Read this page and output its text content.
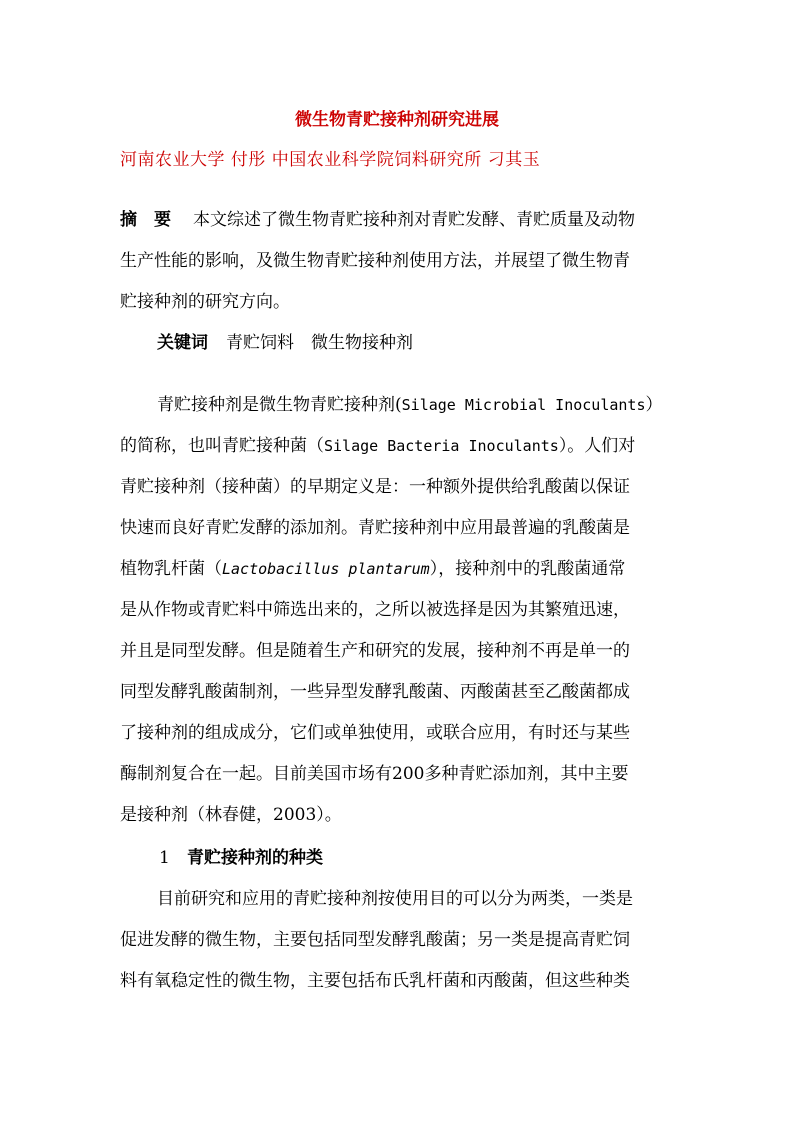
微生物青贮接种剂研究进展
河南农业大学 付彤 中国农业科学院饲料研究所 刁其玉
摘　要 本文综述了微生物青贮接种剂对青贮发酵、青贮质量及动物
生产性能的影响，及微生物青贮接种剂使用方法，并展望了微生物青
贮接种剂的研究方向。
关键词 青贮饲料　微生物接种剂
青贮接种剂是微生物青贮接种剂(Silage Microbial Inoculants）
的简称，也叫青贮接种菌（Silage Bacteria Inoculants）。人们对
青贮接种剂（接种菌）的早期定义是：一种额外提供给乳酸菌以保证
快速而良好青贮发酵的添加剂。青贮接种剂中应用最普遍的乳酸菌是
植物乳杆菌（Lactobacillus plantarum），接种剂中的乳酸菌通常
是从作物或青贮料中筛选出来的，之所以被选择是因为其繁殖迅速，
并且是同型发酵。但是随着生产和研究的发展，接种剂不再是单一的
同型发酵乳酸菌制剂，一些异型发酵乳酸菌、丙酸菌甚至乙酸菌都成
了接种剂的组成成分，它们或单独使用，或联合应用，有时还与某些
酶制剂复合在一起。目前美国市场有200多种青贮添加剂，其中主要
是接种剂（林春健，2003）。
1 青贮接种剂的种类
目前研究和应用的青贮接种剂按使用目的可以分为两类，一类是
促进发酵的微生物，主要包括同型发酵乳酸菌；另一类是提高青贮饲
料有氧稳定性的微生物，主要包括布氏乳杆菌和丙酸菌，但这些种类
